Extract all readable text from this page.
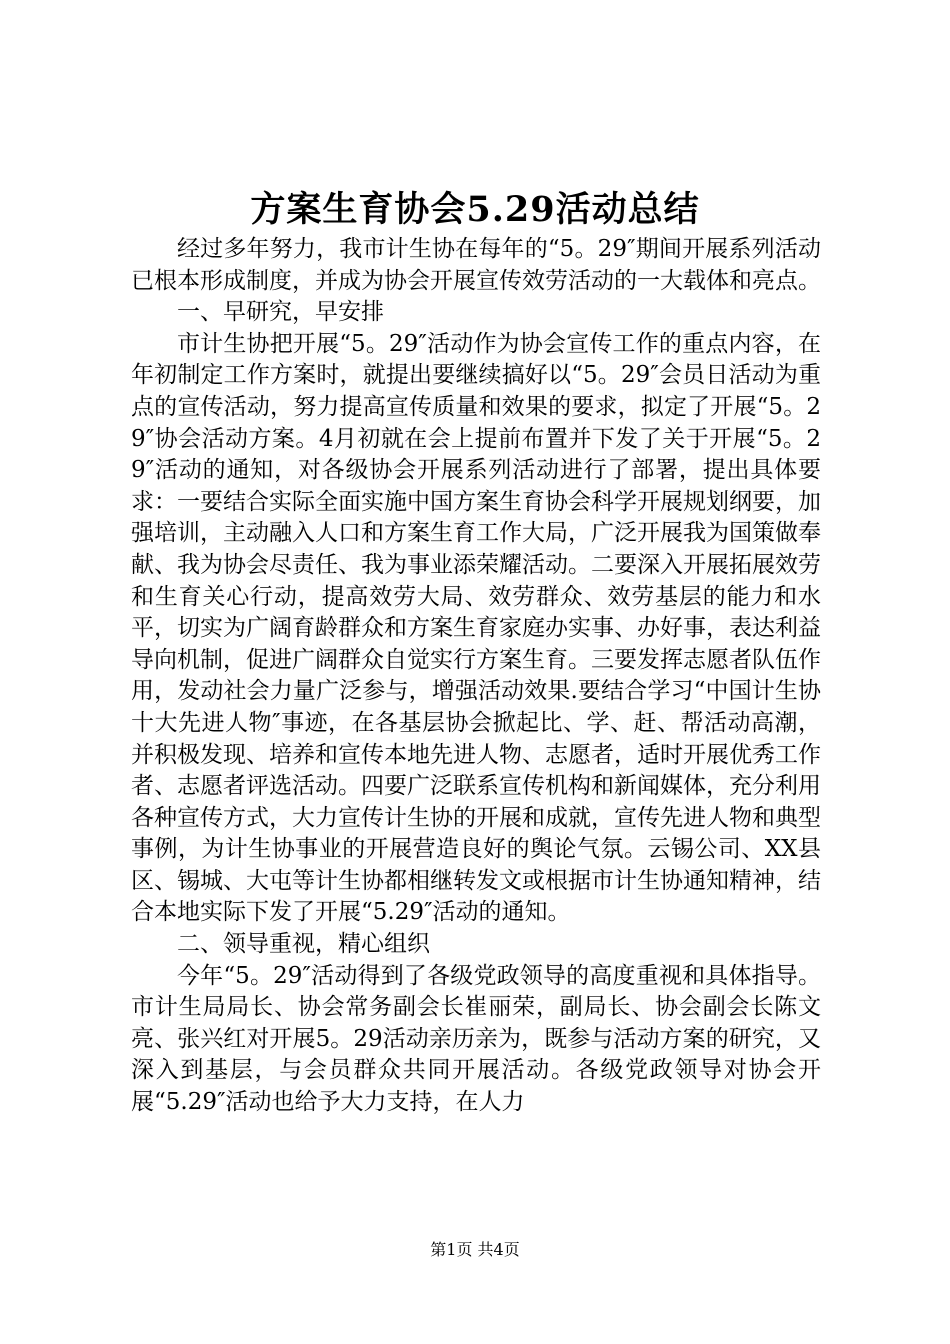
方案生育协会5.29活动总结

经过多年努力，我市计生协在每年的“5。29″期间开展系列活动已根本形成制度，并成为协会开展宣传效劳活动的一大载体和亮点。

一、早研究，早安排

市计生协把开展“5。29″活动作为协会宣传工作的重点内容，在年初制定工作方案时，就提出要继续搞好以“5。29″会员日活动为重点的宣传活动，努力提高宣传质量和效果的要求，拟定了开展“5。29″协会活动方案。4月初就在会上提前布置并下发了关于开展“5。29″活动的通知，对各级协会开展系列活动进行了部署，提出具体要求：一要结合实际全面实施中国方案生育协会科学开展规划纲要，加强培训，主动融入人口和方案生育工作大局，广泛开展我为国策做奉献、我为协会尽责任、我为事业添荣耀活动。二要深入开展拓展效劳和生育关心行动，提高效劳大局、效劳群众、效劳基层的能力和水平，切实为广阔育龄群众和方案生育家庭办实事、办好事，表达利益导向机制，促进广阔群众自觉实行方案生育。三要发挥志愿者队伍作用，发动社会力量广泛参与，增强活动效果.要结合学习“中国计生协十大先进人物″事迹，在各基层协会掀起比、学、赶、帮活动高潮，并积极发现、培养和宣传本地先进人物、志愿者，适时开展优秀工作者、志愿者评选活动。四要广泛联系宣传机构和新闻媒体，充分利用各种宣传方式，大力宣传计生协的开展和成就，宣传先进人物和典型事例，为计生协事业的开展营造良好的舆论气氛。云锡公司、XX县区、锡城、大屯等计生协都相继转发文或根据市计生协通知精神，结合本地实际下发了开展“5.29″活动的通知。

二、领导重视，精心组织

今年“5。29″活动得到了各级党政领导的高度重视和具体指导。市计生局局长、协会常务副会长崔丽荣，副局长、协会副会长陈文亮、张兴红对开展5。29活动亲历亲为，既参与活动方案的研究，又深入到基层，与会员群众共同开展活动。各级党政领导对协会开展“5.29″活动也给予大力支持，在人力

第1页 共4页
